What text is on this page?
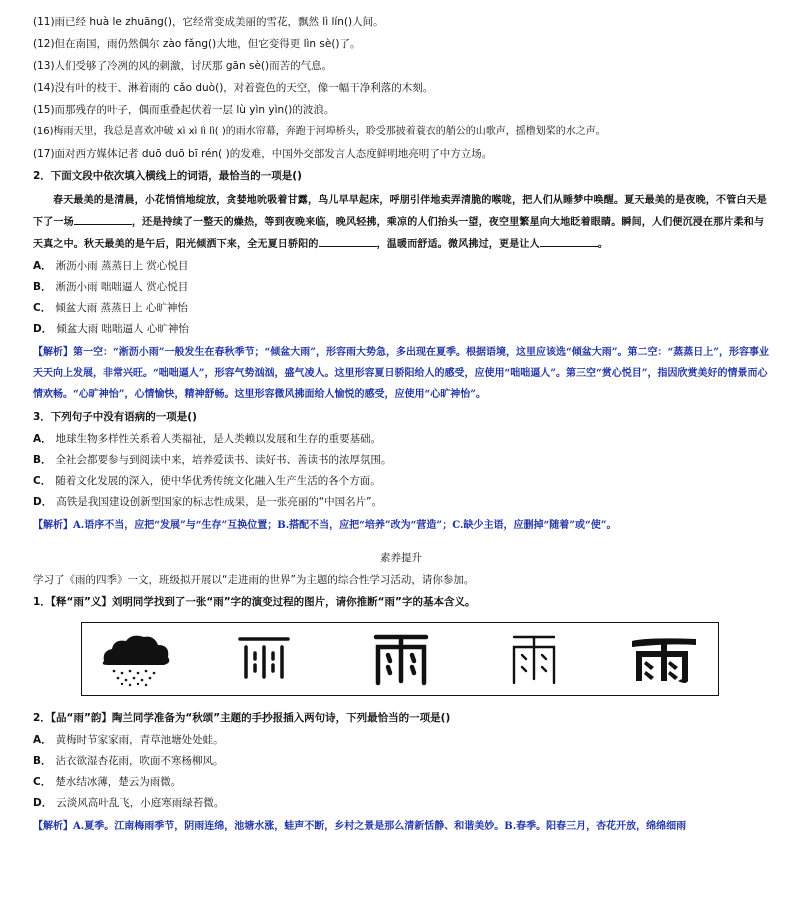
(11)雨已经 huà le zhuāng()，它经常变成美丽的雪花，飘然 lì lín()人间。
(12)但在南国，雨仍然偶尔 zào fǎng()大地，但它变得更 lìn sè()了。
(13)人们受够了冷冽的风的刺激，讨厌那 gān sè()而苦的气息。
(14)没有叶的枝干、淋着雨的 cǎo duò()，对着瓷色的天空，像一幅干净利落的木刻。
(15)而那残存的叶子，偶而重叠起伏着一层 lù yìn yìn()的波浪。
(16)梅雨天里，我总是喜欢冲破 xì xì lì lì( )的雨水帘幕，奔跑于河埠桥头，聆受那披着蓑衣的艄公的山歌声，摇橹划桨的水之声。
(17)面对西方媒体记者 duō duō bī rén( )的发难，中国外交部发言人态度鲜明地亮明了中方立场。
2．下面文段中依次填入横线上的词语，最恰当的一项是()
春天最美的是清晨，小花悄悄地绽放，贪婪地吮吸着甘露，鸟儿早早起床，呼朋引伴地卖弄清脆的喉咙，把人们从睡梦中唤醒。夏天最美的是夜晚，不管白天是下了一场	，还是持续了一整天的燥热，等到夜晚来临，晚风轻拂，乘凉的人们抬头一望，夜空里繁星向大地眨着眼睛。瞬间，人们便沉浸在那片柔和与天真之中。秋天最美的是午后，阳光倾洒下来，全无夏日骄阳的	，温暖而舒适。微风拂过，更是让人	。
A． 淅沥小雨 蒸蒸日上 赏心悦目
B． 淅沥小雨 咄咄逼人 赏心悦目
C． 倾盆大雨 蒸蒸日上 心旷神怡
D． 倾盆大雨 咄咄逼人 心旷神怡
【解析】第一空：“淅沥小雨”一般发生在春秋季节；“倾盆大雨”，形容雨大势急，多出现在夏季。根据语境，这里应该选“倾盆大雨”。第二空：“蒸蒸日上”，形容事业天天向上发展，非常兴旺。“咄咄逼人”，形容气势汹汹，盛气凌人。这里形容夏日骄阳给人的感受，应使用“咄咄逼人”。第三空“赏心悦目”，指因欣赏美好的情景而心情欢畅。“心旷神怡”，心情愉快，精神舒畅。这里形容微风拂面给人愉悦的感受，应使用“心旷神怡”。
3．下列句子中没有语病的一项是()
A． 地球生物多样性关系着人类福祉，是人类赖以发展和生存的重要基础。
B． 全社会都要参与到阅读中来，培养爱读书、读好书、善读书的浓厚氛围。
C． 随着文化发展的深入，使中华优秀传统文化融入生产生活的各个方面。
D． 高铁是我国建设创新型国家的标志性成果，是一张亮丽的“中国名片”。
【解析】A.语序不当，应把“发展”与“生存”互换位置；B.搭配不当，应把“培养”改为“营造”；C.缺少主语，应删掉“随着”或“使”。
素养提升
学习了《雨的四季》一文，班级拟开展以“走进雨的世界”为主题的综合性学习活动，请你参加。
1．【释“雨”义】刘明同学找到了一张“雨”字的演变过程的图片，请你推断“雨”字的基本含义。
2．【品“雨”韵】陶兰同学准备为“秋颂”主题的手抄报插入两句诗，下列最恰当的一项是()
A． 黄梅时节家家雨，青草池塘处处蛙。
B． 沾衣欲湿杏花雨，吹面不寒杨柳风。
C． 楚水结冰薄，楚云为雨微。
D． 云淡风高叶乱飞，小庭寒雨绿苔微。
【解析】A.夏季。江南梅雨季节，阴雨连绵，池塘水涨，蛙声不断，乡村之景是那么清新恬静、和谐美妙。B.春季。阳春三月，杏花开放，绵绵细雨
